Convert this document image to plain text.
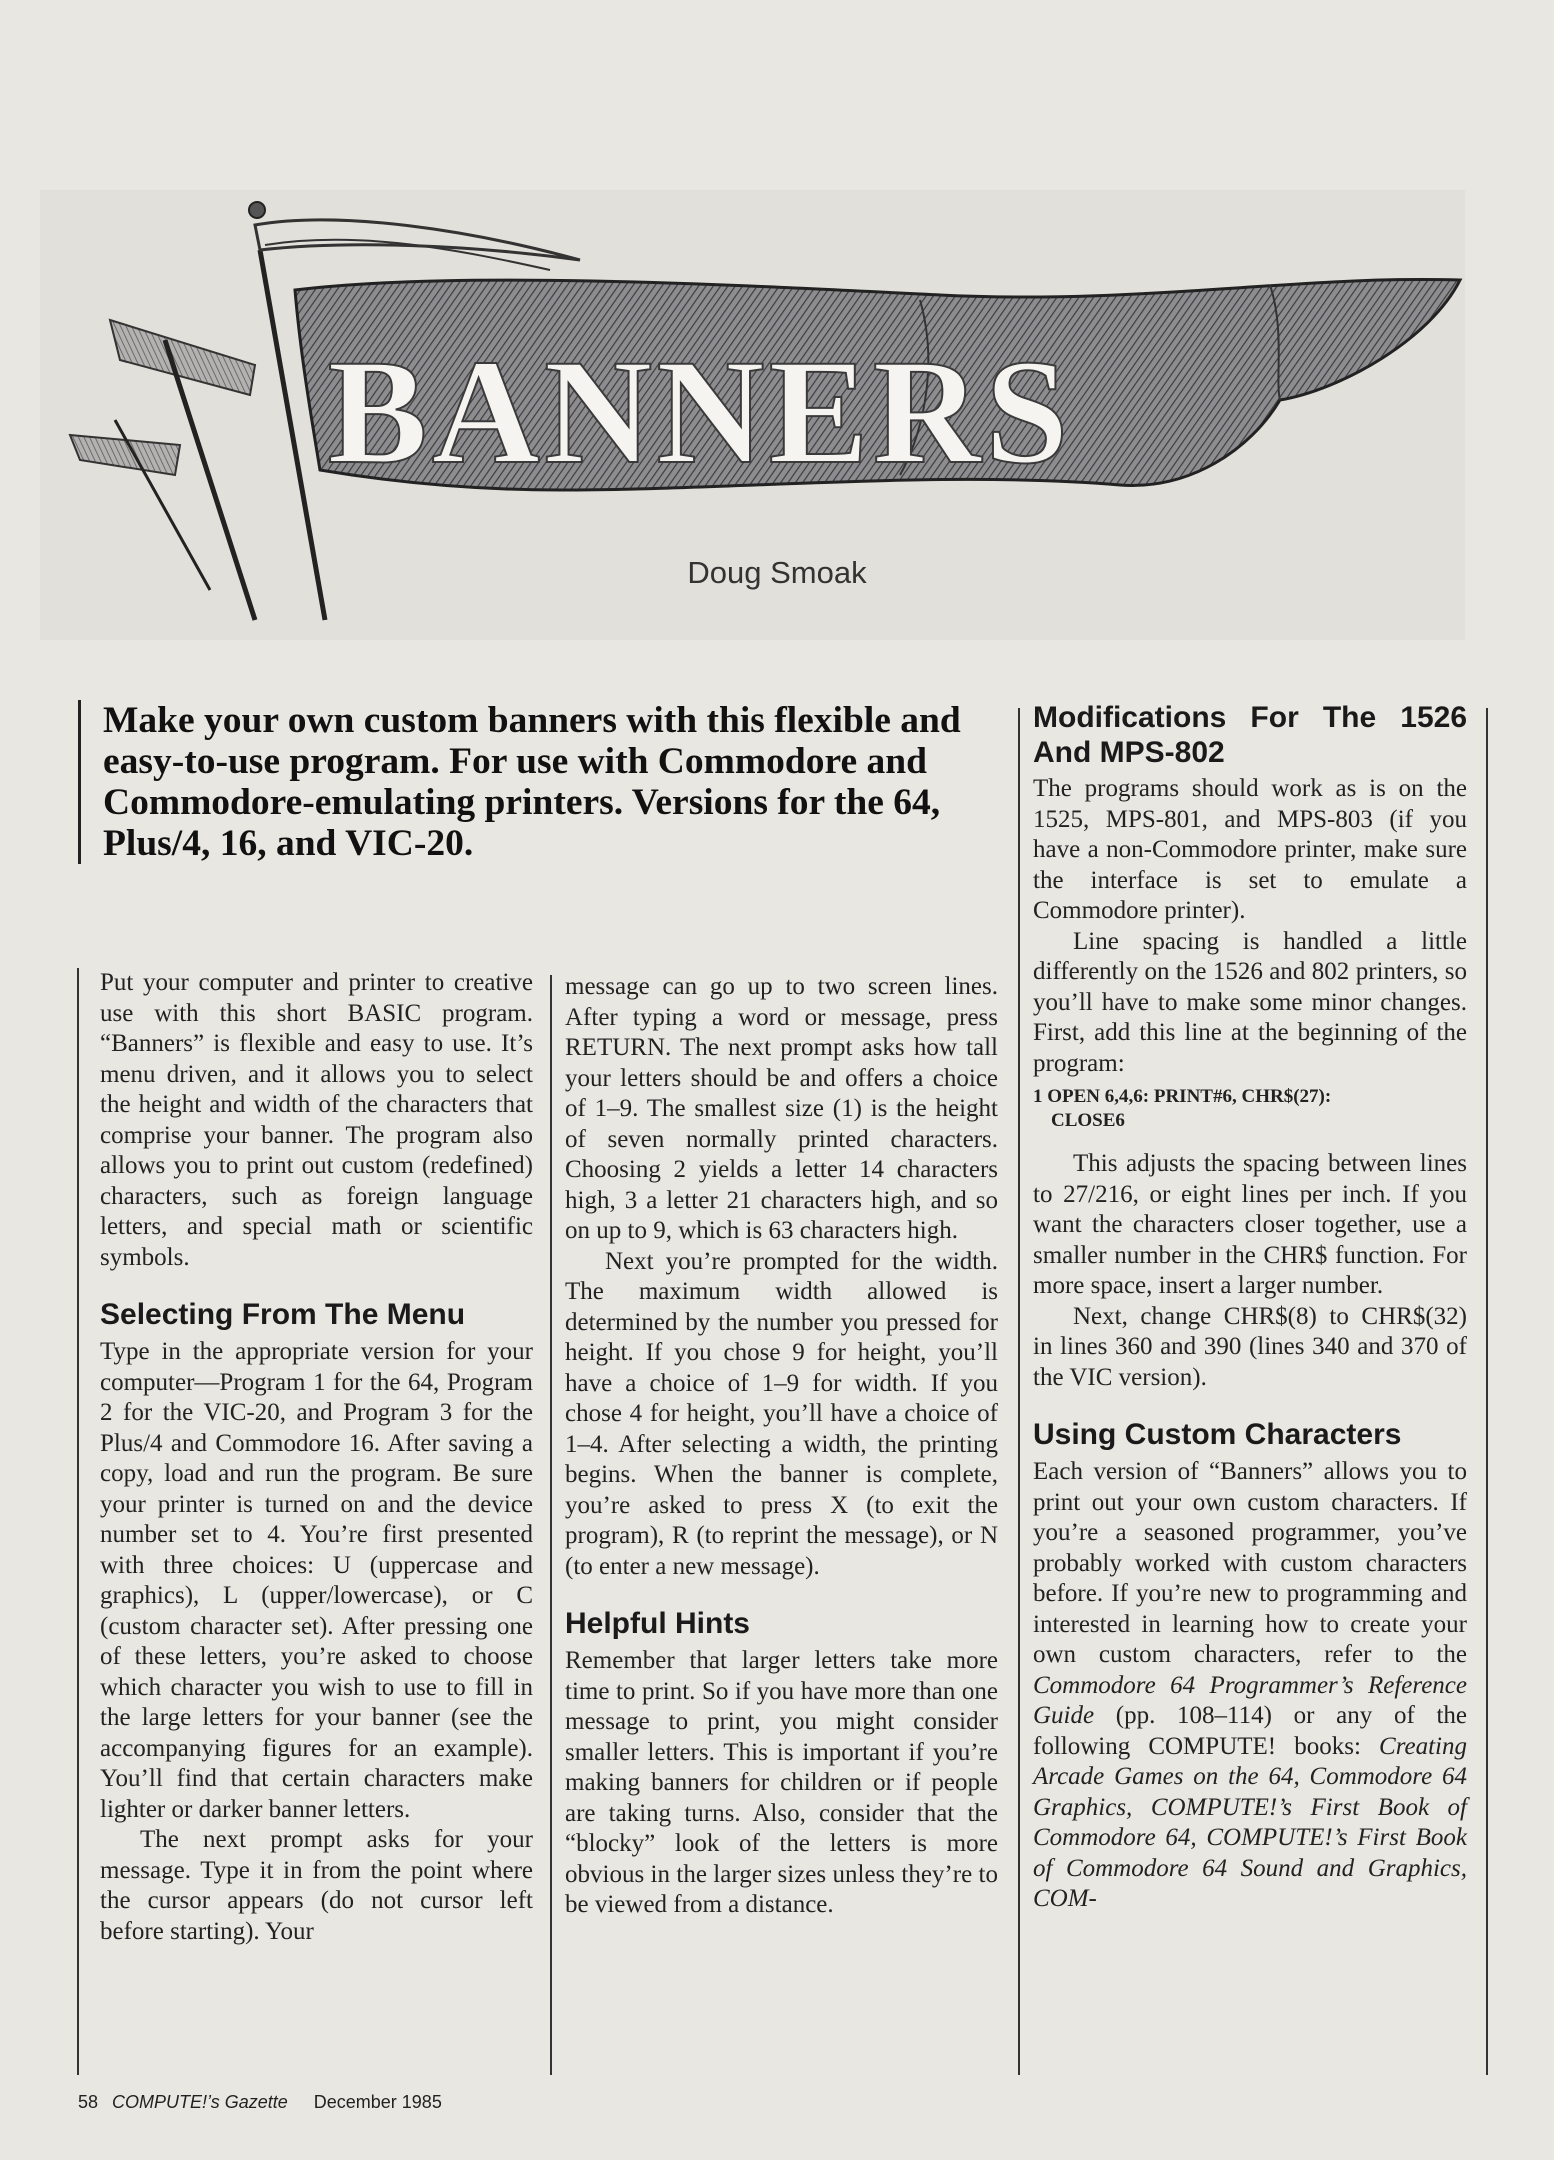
BANNERS
Doug Smoak

Make your own custom banners with this flexible and easy-to-use program. For use with Commodore and Commodore-emulating printers. Versions for the 64, Plus/4, 16, and VIC-20.

Put your computer and printer to creative use with this short BASIC program. “Banners” is flexible and easy to use. It’s menu driven, and it allows you to select the height and width of the characters that comprise your banner. The program also allows you to print out custom (redefined) characters, such as foreign language letters, and special math or scientific symbols.

Selecting From The Menu

Type in the appropriate version for your computer—Program 1 for the 64, Program 2 for the VIC-20, and Program 3 for the Plus/4 and Commodore 16. After saving a copy, load and run the program. Be sure your printer is turned on and the device number set to 4. You’re first presented with three choices: U (uppercase and graphics), L (upper/lowercase), or C (custom character set). After pressing one of these letters, you’re asked to choose which character you wish to use to fill in the large letters for your banner (see the accompanying figures for an example). You’ll find that certain characters make lighter or darker banner letters.

The next prompt asks for your message. Type it in from the point where the cursor appears (do not cursor left before starting). Your

message can go up to two screen lines. After typing a word or message, press RETURN. The next prompt asks how tall your letters should be and offers a choice of 1–9. The smallest size (1) is the height of seven normally printed characters. Choosing 2 yields a letter 14 characters high, 3 a letter 21 characters high, and so on up to 9, which is 63 characters high.

Next you’re prompted for the width. The maximum width allowed is determined by the number you pressed for height. If you chose 9 for height, you’ll have a choice of 1–9 for width. If you chose 4 for height, you’ll have a choice of 1–4. After selecting a width, the printing begins. When the banner is complete, you’re asked to press X (to exit the program), R (to reprint the message), or N (to enter a new message).

Helpful Hints

Remember that larger letters take more time to print. So if you have more than one message to print, you might consider smaller letters. This is important if you’re making banners for children or if people are taking turns. Also, consider that the “blocky” look of the letters is more obvious in the larger sizes unless they’re to be viewed from a distance.

Modifications For The 1526 And MPS-802

The programs should work as is on the 1525, MPS-801, and MPS-803 (if you have a non-Commodore printer, make sure the interface is set to emulate a Commodore printer).

Line spacing is handled a little differently on the 1526 and 802 printers, so you’ll have to make some minor changes. First, add this line at the beginning of the program:

1 OPEN 6,4,6: PRINT#6, CHR$(27):
CLOSE6

This adjusts the spacing between lines to 27/216, or eight lines per inch. If you want the characters closer together, use a smaller number in the CHR$ function. For more space, insert a larger number.

Next, change CHR$(8) to CHR$(32) in lines 360 and 390 (lines 340 and 370 of the VIC version).

Using Custom Characters

Each version of “Banners” allows you to print out your own custom characters. If you’re a seasoned programmer, you’ve probably worked with custom characters before. If you’re new to programming and interested in learning how to create your own custom characters, refer to the Commodore 64 Programmer’s Reference Guide (pp. 108–114) or any of the following COMPUTE! books: Creating Arcade Games on the 64, Commodore 64 Graphics, COMPUTE!’s First Book of Commodore 64, COMPUTE!’s First Book of Commodore 64 Sound and Graphics, COM-

58 COMPUTE!’s Gazette December 1985
